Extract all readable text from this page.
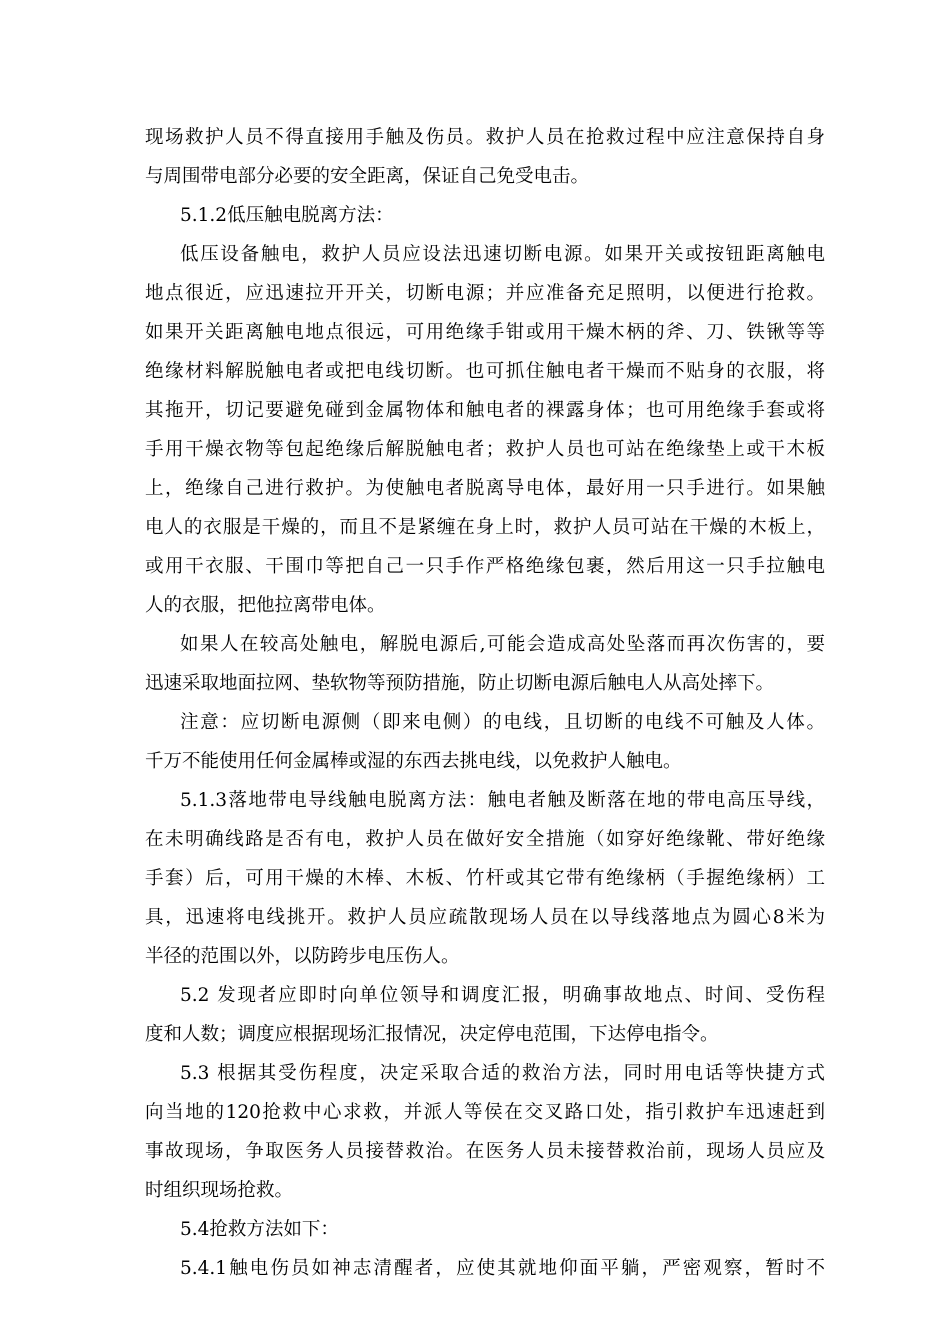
现场救护人员不得直接用手触及伤员。救护人员在抢救过程中应注意保持自身
与周围带电部分必要的安全距离，保证自己免受电击。
5.1.2低压触电脱离方法：
低压设备触电，救护人员应设法迅速切断电源。如果开关或按钮距离触电
地点很近，应迅速拉开开关，切断电源；并应准备充足照明，以便进行抢救。
如果开关距离触电地点很远，可用绝缘手钳或用干燥木柄的斧、刀、铁锹等等
绝缘材料解脱触电者或把电线切断。也可抓住触电者干燥而不贴身的衣服，将
其拖开，切记要避免碰到金属物体和触电者的裸露身体；也可用绝缘手套或将
手用干燥衣物等包起绝缘后解脱触电者；救护人员也可站在绝缘垫上或干木板
上，绝缘自己进行救护。为使触电者脱离导电体，最好用一只手进行。如果触
电人的衣服是干燥的，而且不是紧缠在身上时，救护人员可站在干燥的木板上，
或用干衣服、干围巾等把自己一只手作严格绝缘包裹，然后用这一只手拉触电
人的衣服，把他拉离带电体。
如果人在较高处触电，解脱电源后,可能会造成高处坠落而再次伤害的，要
迅速采取地面拉网、垫软物等预防措施，防止切断电源后触电人从高处摔下。
注意：应切断电源侧（即来电侧）的电线，且切断的电线不可触及人体。
千万不能使用任何金属棒或湿的东西去挑电线，以免救护人触电。
5.1.3落地带电导线触电脱离方法：触电者触及断落在地的带电高压导线，
在未明确线路是否有电，救护人员在做好安全措施（如穿好绝缘靴、带好绝缘
手套）后，可用干燥的木棒、木板、竹杆或其它带有绝缘柄（手握绝缘柄）工
具，迅速将电线挑开。救护人员应疏散现场人员在以导线落地点为圆心8米为
半径的范围以外，以防跨步电压伤人。
5.2 发现者应即时向单位领导和调度汇报，明确事故地点、时间、受伤程
度和人数；调度应根据现场汇报情况，决定停电范围，下达停电指令。
5.3 根据其受伤程度，决定采取合适的救治方法，同时用电话等快捷方式
向当地的120抢救中心求救，并派人等侯在交叉路口处，指引救护车迅速赶到
事故现场，争取医务人员接替救治。在医务人员未接替救治前，现场人员应及
时组织现场抢救。
5.4抢救方法如下：
5.4.1触电伤员如神志清醒者，应使其就地仰面平躺，严密观察，暂时不
